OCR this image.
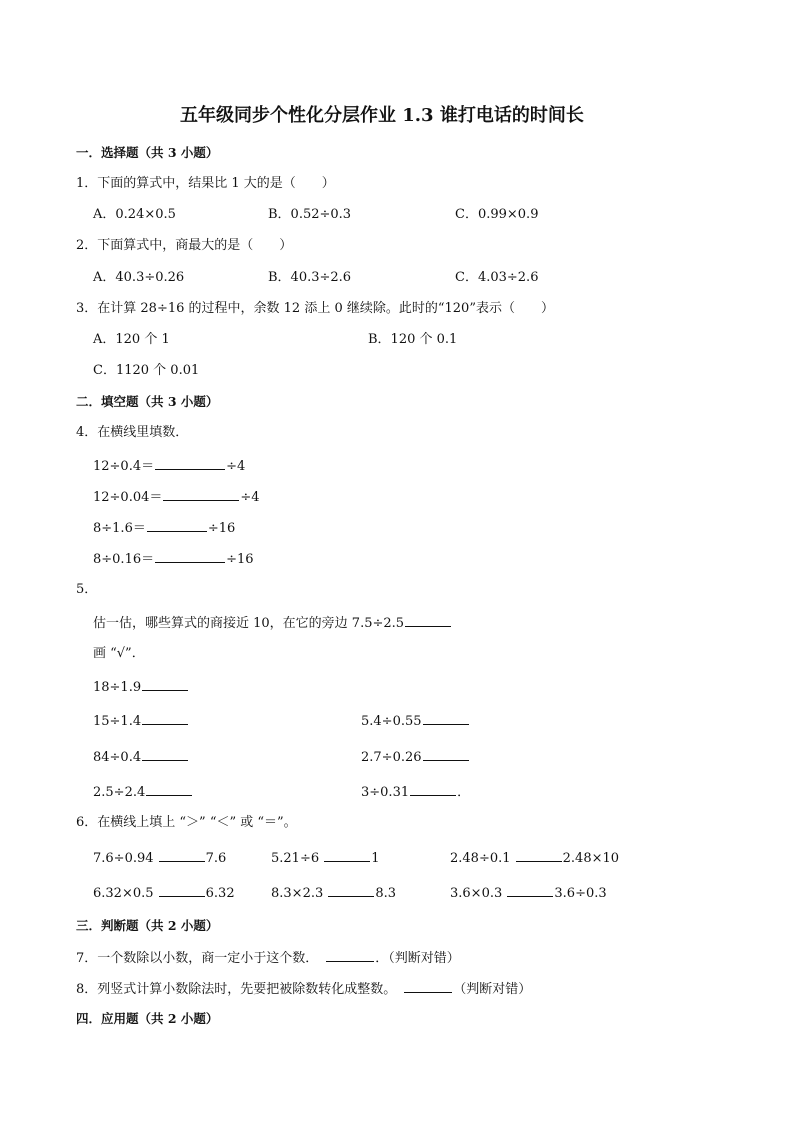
五年级同步个性化分层作业 1.3 谁打电话的时间长
一．选择题（共 3 小题）
1．下面的算式中，结果比 1 大的是（　　）
A．0.24×0.5	B．0.52÷0.3	C．0.99×0.9
2．下面算式中，商最大的是（　　）
A．40.3÷0.26	B．40.3÷2.6	C．4.03÷2.6
3．在计算 28÷16 的过程中，余数 12 添上 0 继续除。此时的“120”表示（　　）
A．120 个 1	B．120 个 0.1
C．1120 个 0.01
二．填空题（共 3 小题）
4．在横线里填数．
12÷0.4＝	÷4
12÷0.04＝	÷4
8÷1.6＝	÷16
8÷0.16＝	÷16
5．
估一估，哪些算式的商接近 10，在它的旁边 7.5÷2.5
画 “√”．
18÷1.9
15÷1.4	5.4÷0.55
84÷0.4	2.7÷0.26
2.5÷2.4	3÷0.31	．
6．在横线上填上 “＞” “＜” 或 “＝”。
7.6÷0.94	7.6	5.21÷6	1	2.48÷0.1	2.48×10
6.32×0.5	6.32	8.3×2.3	8.3	3.6×0.3	3.6÷0.3
三．判断题（共 2 小题）
7．一个数除以小数，商一定小于这个数．	．（判断对错）
8．列竖式计算小数除法时，先要把被除数转化成整数。	（判断对错）
四．应用题（共 2 小题）
